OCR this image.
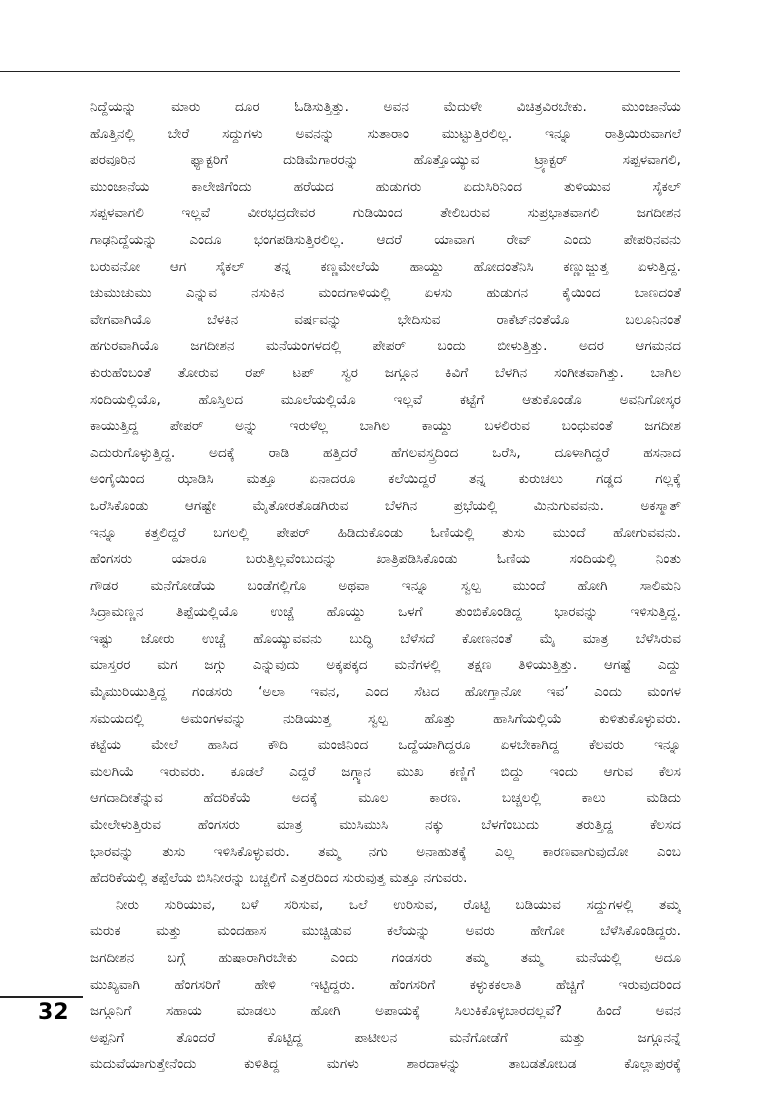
ನಿದ್ದೆಯನ್ನು ಮಾರು ದೂರ ಓಡಿಸುತ್ತಿತ್ತು. ಅವನ ಮೆದುಳೇ ವಿಚಿತ್ರವಿರಬೇಕು. ಮುಂಜಾನೆಯ
ಹೊತ್ತಿನಲ್ಲಿ ಬೇರೆ ಸದ್ದುಗಳು ಅವನನ್ನು ಸುತಾರಾಂ ಮುಟ್ಟುತ್ತಿರಲಿಲ್ಲ. ಇನ್ನೂ ರಾತ್ರಿಯಿರುವಾಗಲೆ
ಪರವೂರಿನ ಫ್ಯಾಕ್ಟರಿಗೆ ದುಡಿಮೆಗಾರರನ್ನು ಹೊತ್ತೊಯ್ಯುವ ಟ್ರ್ಯಾಕ್ಟರ್ ಸಪ್ಪಳವಾಗಲಿ,
ಮುಂಜಾನೆಯ ಕಾಲೇಜಿಗೆಂದು ಹರೆಯದ ಹುಡುಗರು ಏದುಸಿರಿನಿಂದ ತುಳಿಯುವ ಸೈಕಲ್
ಸಪ್ಪಳವಾಗಲಿ ಇಲ್ಲವೆ ವೀರಭದ್ರದೇವರ ಗುಡಿಯಿಂದ ತೇಲಿಬರುವ ಸುಪ್ರಭಾತವಾಗಲಿ ಜಗದೀಶನ
ಗಾಢನಿದ್ದೆಯನ್ನು ಎಂದೂ ಭಂಗಪಡಿಸುತ್ತಿರಲಿಲ್ಲ. ಆದರೆ ಯಾವಾಗ ರೇವ್ ಎಂದು ಪೇಪರಿನವನು
ಬರುವನೋ ಆಗ ಸೈಕಲ್ ತನ್ನ ಕಣ್ಣಮೇಲೆಯೆ ಹಾಯ್ದು ಹೋದಂತೆನಿಸಿ ಕಣ್ಣುಜ್ಜುತ್ತ ಏಳುತ್ತಿದ್ದ.
ಚುಮುಚುಮು ಎನ್ನುವ ನಸುಕಿನ ಮಂದಗಾಳಿಯಲ್ಲಿ ಏಳಸು ಹುಡುಗನ ಕೈಯಿಂದ ಬಾಣದಂತೆ
ವೇಗವಾಗಿಯೊ ಬೆಳಕಿನ ವರ್ಷವನ್ನು ಭೇದಿಸುವ ರಾಕೆಟ್‌ನಂತೆಯೊ ಬಲೂನಿನಂತೆ
ಹಗುರವಾಗಿಯೊ ಜಗದೀಶನ ಮನೆಯಂಗಳದಲ್ಲಿ ಪೇಪರ್ ಬಂದು ಬೀಳುತ್ತಿತ್ತು. ಅದರ ಆಗಮನದ
ಕುರುಹೆಂಬಂತೆ ತೋರುವ ರಪ್ ಟಪ್ ಸ್ವರ ಜಗ್ಗೂನ ಕಿವಿಗೆ ಬೆಳಗಿನ ಸಂಗೀತವಾಗಿತ್ತು. ಬಾಗಿಲ
ಸಂದಿಯಲ್ಲಿಯೊ, ಹೊಸ್ತಿಲದ ಮೂಲೆಯಲ್ಲಿಯೊ ಇಲ್ಲವೆ ಕಟ್ಟೆಗೆ ಆತುಕೊಂಡೊ ಅವನಿಗೋಸ್ಕರ
ಕಾಯುತ್ತಿದ್ದ ಪೇಪರ್ ಅನ್ನು ಇರುಳೆಲ್ಲ ಬಾಗಿಲ ಕಾಯ್ದು ಬಳಲಿರುವ ಬಂಧುವಂತೆ ಜಗದೀಶ
ಎದುರುಗೊಳ್ಳುತ್ತಿದ್ದ. ಅದಕ್ಕೆ ರಾಡಿ ಹತ್ತಿದರೆ ಹೆಗಲವಸ್ತ್ರದಿಂದ ಒರೆಸಿ, ದೂಳಾಗಿದ್ದರೆ ಹಸನಾದ
ಅಂಗೈಯಿಂದ ಝಾಡಿಸಿ ಮತ್ತೂ ಏನಾದರೂ ಕಲೆಯಿದ್ದರೆ ತನ್ನ ಕುರುಚಲು ಗಡ್ಡದ ಗಲ್ಲಕ್ಕೆ
ಒರೆಸಿಕೊಂಡು ಆಗಷ್ಟೇ ಮೈತೋರತೊಡಗಿರುವ ಬೆಳಗಿನ ಪ್ರಭೆಯಲ್ಲಿ ಮಿನುಗುವವನು. ಅಕಸ್ಮಾತ್
ಇನ್ನೂ ಕತ್ತಲಿದ್ದರೆ ಬಗಲಲ್ಲಿ ಪೇಪರ್ ಹಿಡಿದುಕೊಂಡು ಓಣಿಯಲ್ಲಿ ತುಸು ಮುಂದೆ ಹೋಗುವವನು.
ಹೆಂಗಸರು ಯಾರೂ ಬರುತ್ತಿಲ್ಲವೆಂಬುದನ್ನು ಖಾತ್ರಿಪಡಿಸಿಕೊಂಡು ಓಣಿಯ ಸಂದಿಯಲ್ಲಿ ನಿಂತು
ಗೌಡರ ಮನೆಗೋಡೆಯ ಬಂಡೆಗಲ್ಲಿಗೊ ಅಥವಾ ಇನ್ನೂ ಸ್ವಲ್ಪ ಮುಂದೆ ಹೋಗಿ ಸಾಲಿಮನಿ
ಸಿದ್ರಾಮಣ್ಣನ ತಿಪ್ಪೆಯಲ್ಲಿಯೊ ಉಚ್ಚೆ ಹೊಯ್ದು ಒಳಗೆ ತುಂಬಿಕೊಂಡಿದ್ದ ಭಾರವನ್ನು ಇಳಿಸುತ್ತಿದ್ದ.
ಇಷ್ಟು ಜೋರು ಉಚ್ಚೆ ಹೊಯ್ಯುವವನು ಬುದ್ಧಿ ಬೆಳೆಸದೆ ಕೋಣನಂತೆ ಮೈ ಮಾತ್ರ ಬೆಳೆಸಿರುವ
ಮಾಸ್ತರರ ಮಗ ಜಗ್ಗು ಎನ್ನುವುದು ಅಕ್ಕಪಕ್ಕದ ಮನೆಗಳಲ್ಲಿ ತಕ್ಷಣ ತಿಳಿಯುತ್ತಿತ್ತು. ಆಗಷ್ಟೆ ಎದ್ದು
ಮೈಮುರಿಯುತ್ತಿದ್ದ ಗಂಡಸರು ‘ಅಲಾ ಇವನ, ಎಂದ ಸೆಟದ ಹೋಗ್ತಾನೋ ಇವ’ ಎಂದು ಮಂಗಳ
ಸಮಯದಲ್ಲಿ ಅಮಂಗಳವನ್ನು ನುಡಿಯುತ್ತ ಸ್ವಲ್ಪ ಹೊತ್ತು ಹಾಸಿಗೆಯಲ್ಲಿಯೆ ಕುಳಿತುಕೊಳ್ಳುವರು.
ಕಟ್ಟೆಯ ಮೇಲೆ ಹಾಸಿದ ಕೌದಿ ಮಂಜಿನಿಂದ ಒದ್ದೆಯಾಗಿದ್ದರೂ ಏಳಬೇಕಾಗಿದ್ದ ಕೆಲವರು ಇನ್ನೂ
ಮಲಗಿಯೆ ಇರುವರು. ಕೂಡಲೆ ಎದ್ದರೆ ಜಗ್ಗ್ಯಾನ ಮುಖ ಕಣ್ಣಿಗೆ ಬಿದ್ದು ಇಂದು ಆಗುವ ಕೆಲಸ
ಆಗದಾದೀತೆನ್ನುವ ಹೆದರಿಕೆಯೆ ಅದಕ್ಕೆ ಮೂಲ ಕಾರಣ. ಬಚ್ಚಲಲ್ಲಿ ಕಾಲು ಮಡಿದು
ಮೇಲೇಳುತ್ತಿರುವ ಹೆಂಗಸರು ಮಾತ್ರ ಮುಸಿಮುಸಿ ನಕ್ಕು ಬೆಳಗೆಂಬುದು ತರುತ್ತಿದ್ದ ಕೆಲಸದ
ಭಾರವನ್ನು ತುಸು ಇಳಿಸಿಕೊಳ್ಳುವರು. ತಮ್ಮ ನಗು ಅನಾಹುತಕ್ಕೆ ಎಲ್ಲ ಕಾರಣವಾಗುವುದೋ ಎಂಬ
ಹೆದರಿಕೆಯಲ್ಲಿ ತಪ್ಪೆಲೆಯ ಬಿಸಿನೀರನ್ನು ಬಚ್ಚಲಿಗೆ ಎತ್ತರದಿಂದ ಸುರುವುತ್ತ ಮತ್ತೂ ನಗುವರು.
ನೀರು ಸುರಿಯುವ, ಬಳೆ ಸರಿಸುವ, ಒಲೆ ಉರಿಸುವ, ರೊಟ್ಟಿ ಬಡಿಯುವ ಸದ್ದುಗಳಲ್ಲಿ ತಮ್ಮ
ಮರುಕ ಮತ್ತು ಮಂದಹಾಸ ಮುಚ್ಚಿಡುವ ಕಲೆಯನ್ನು ಅವರು ಹೇಗೋ ಬೆಳೆಸಿಕೊಂಡಿದ್ದರು.
ಜಗದೀಶನ ಬಗ್ಗೆ ಹುಷಾರಾಗಿರಬೇಕು ಎಂದು ಗಂಡಸರು ತಮ್ಮ ತಮ್ಮ ಮನೆಯಲ್ಲಿ ಅದೂ
ಮುಖ್ಯವಾಗಿ ಹೆಂಗಸರಿಗೆ ಹೇಳಿ ಇಟ್ಟಿದ್ದರು. ಹೆಂಗಸರಿಗೆ ಕಳ್ಳುಕಕಲಾತಿ ಹೆಚ್ಚಿಗೆ ಇರುವುದರಿಂದ
ಜಗ್ಗೂನಿಗೆ ಸಹಾಯ ಮಾಡಲು ಹೋಗಿ ಅಪಾಯಕ್ಕೆ ಸಿಲುಕಿಕೊಳ್ಳಬಾರದಲ್ಲವೆ? ಹಿಂದೆ ಅವನ
ಅಪ್ಪನಿಗೆ ತೊಂದರೆ ಕೊಟ್ಟಿದ್ದ ಪಾಟೀಲನ ಮನೆಗೋಡೆಗೆ ಮತ್ತು ಜಗ್ಗೂನನ್ನೆ
ಮದುವೆಯಾಗುತ್ತೇನೆಂದು ಕುಳಿತಿದ್ದ ಮಗಳು ಶಾರದಾಳನ್ನು ತಾಬಡತೋಬಡ ಕೊಲ್ಲಾಪುರಕ್ಕೆ
32
